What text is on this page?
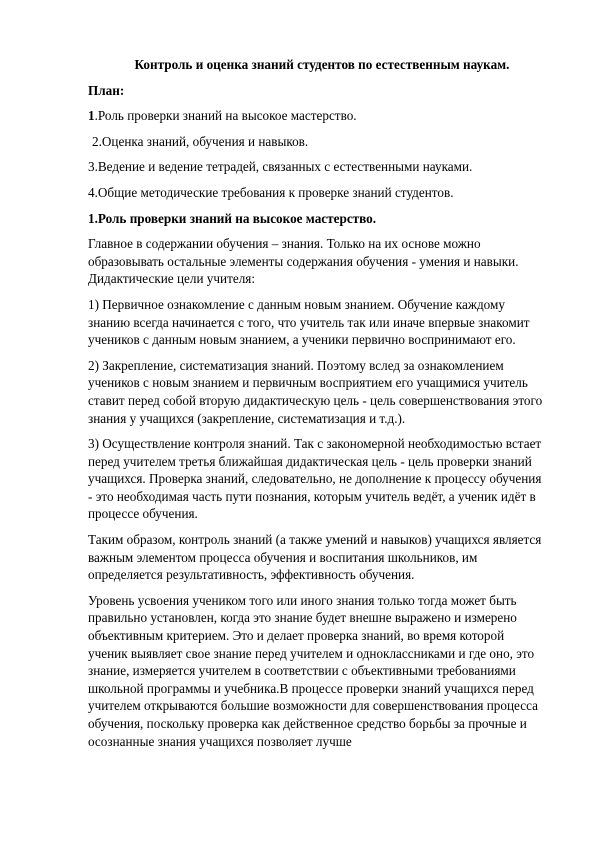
Контроль и оценка знаний студентов по естественным наукам.

План:

1.Роль проверки знаний на высокое мастерство.

2.Оценка знаний, обучения и навыков.

3.Ведение и ведение тетрадей, связанных с естественными науками.

4.Общие методические требования к проверке знаний студентов.

1.Роль проверки знаний на высокое мастерство.

Главное в содержании обучения – знания. Только на их основе можно образовывать остальные элементы содержания обучения - умения и навыки. Дидактические цели учителя:

1) Первичное ознакомление с данным новым знанием. Обучение каждому знанию всегда начинается с того, что учитель так или иначе впервые знакомит учеников с данным новым знанием, а ученики первично воспринимают его.

2) Закрепление, систематизация знаний. Поэтому вслед за ознакомлением учеников с новым знанием и первичным восприятием его учащимися учитель ставит перед собой вторую дидактическую цель - цель совершенствования этого знания у учащихся (закрепление, систематизация и т.д.).

3) Осуществление контроля знаний. Так с закономерной необходимостью встает перед учителем третья ближайшая дидактическая цель - цель проверки знаний учащихся. Проверка знаний, следовательно, не дополнение к процессу обучения - это необходимая часть пути познания, которым учитель ведёт, а ученик идёт в процессе обучения.

Таким образом, контроль знаний (а также умений и навыков) учащихся является важным элементом процесса обучения и воспитания школьников, им определяется результативность, эффективность обучения.

Уровень усвоения учеником того или иного знания только тогда может быть правильно установлен, когда это знание будет внешне выражено и измерено объективным критерием. Это и делает проверка знаний, во время которой ученик выявляет свое знание перед учителем и одноклассниками и где оно, это знание, измеряется учителем в соответствии с объективными требованиями школьной программы и учебника.В процессе проверки знаний учащихся перед учителем открываются большие возможности для совершенствования процесса обучения, поскольку проверка как действенное средство борьбы за прочные и осознанные знания учащихся позволяет лучше
